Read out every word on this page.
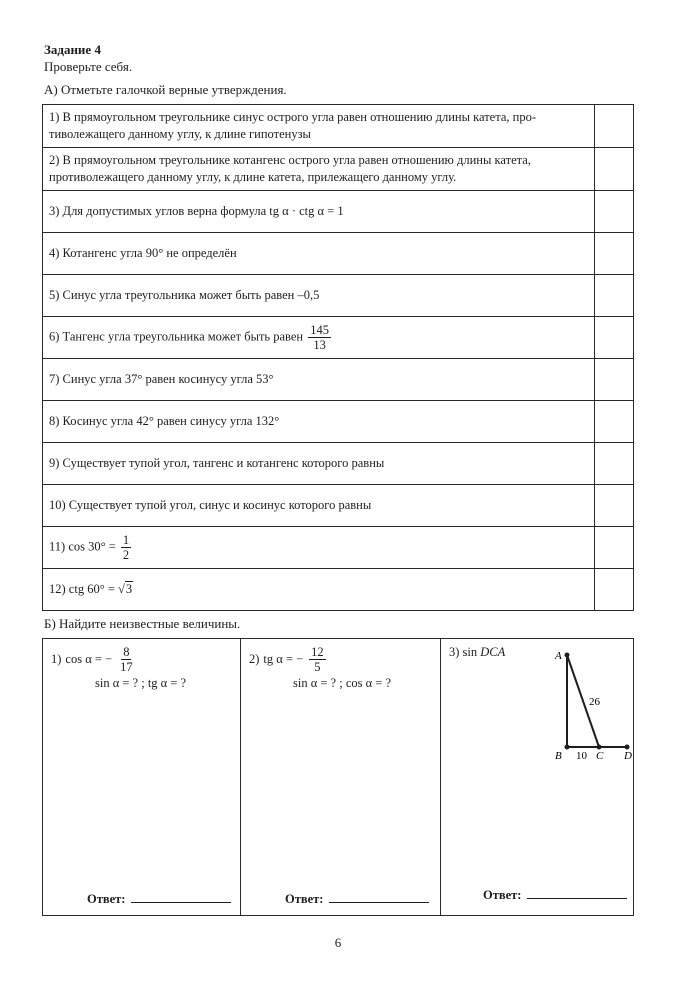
Задание 4
Проверьте себя.
А) Отметьте галочкой верные утверждения.
1) В прямоугольном треугольнике синус острого угла равен отношению длины катета, про-тиволежащего данному углу, к длине гипотенузы	
2) В прямоугольном треугольнике котангенс острого угла равен отношению длины катета, противолежащего данному углу, к длине катета, прилежащего данному углу.	
3) Для допустимых углов верна формула tg α · ctg α = 1	
4) Котангенс угла 90° не определён	
5) Синус угла треугольника может быть равен –0,5	
6) Тангенс угла треугольника может быть равен $\frac{145}{13}$

7) Синус угла 37° равен косинусу угла 53°	
8) Косинус угла 42° равен синусу угла 132°	
9) Существует тупой угол, тангенс и котангенс которого равны	
10) Существует тупой угол, синус и косинус которого равны	
11) $\cos 30^\circ = \frac{1}{2}$

12) ctg 60° = √3	
Б) Найдите неизвестные величины.
1) cos α = − $\frac{8}{17}$
sin α = ? ; tg α = ?
Ответ:
2) tg α = − $\frac{12}{5}$
sin α = ? ; cos α = ?
Ответ:
3) sin DCA	A
B	C D
26
10
Ответ:
6
